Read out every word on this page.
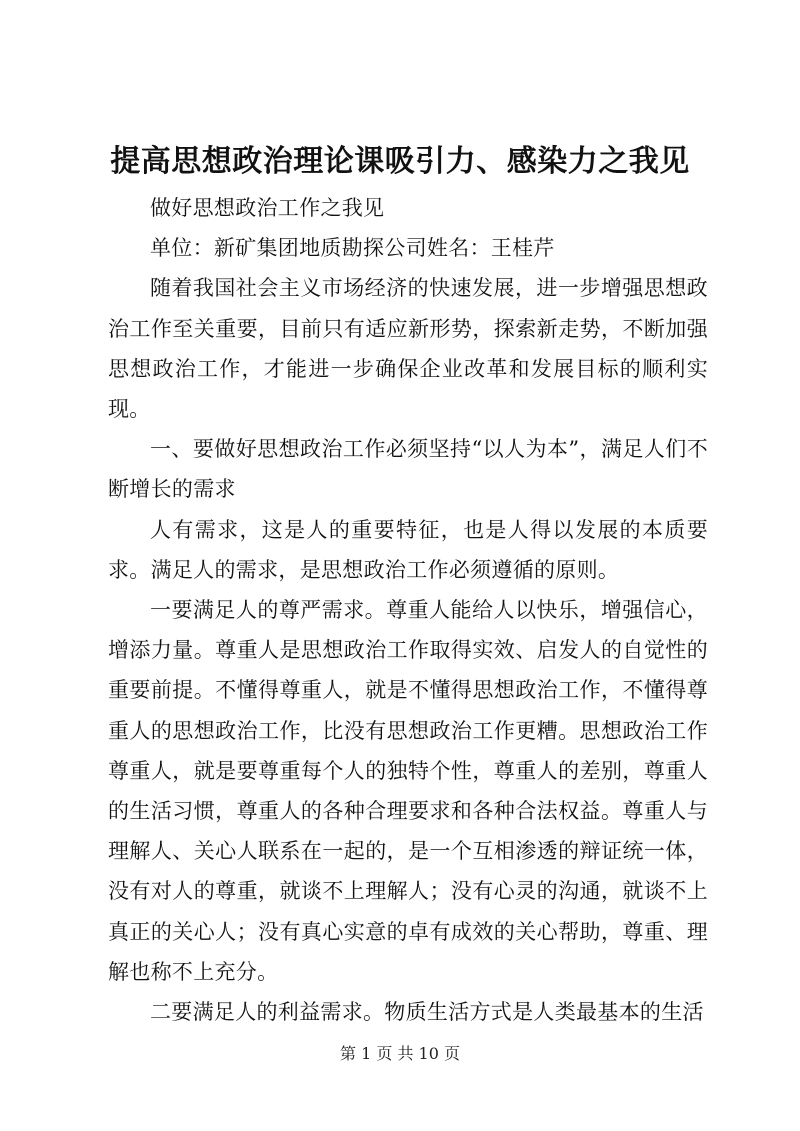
提高思想政治理论课吸引力、感染力之我见

做好思想政治工作之我见

单位：新矿集团地质勘探公司姓名：王桂芹

随着我国社会主义市场经济的快速发展，进一步增强思想政治工作至关重要，目前只有适应新形势，探索新走势，不断加强思想政治工作，才能进一步确保企业改革和发展目标的顺利实现。

一、要做好思想政治工作必须坚持“以人为本”，满足人们不断增长的需求

人有需求，这是人的重要特征，也是人得以发展的本质要求。满足人的需求，是思想政治工作必须遵循的原则。

一要满足人的尊严需求。尊重人能给人以快乐，增强信心，增添力量。尊重人是思想政治工作取得实效、启发人的自觉性的重要前提。不懂得尊重人，就是不懂得思想政治工作，不懂得尊重人的思想政治工作，比没有思想政治工作更糟。思想政治工作尊重人，就是要尊重每个人的独特个性，尊重人的差别，尊重人的生活习惯，尊重人的各种合理要求和各种合法权益。尊重人与理解人、关心人联系在一起的，是一个互相渗透的辩证统一体，没有对人的尊重，就谈不上理解人；没有心灵的沟通，就谈不上真正的关心人；没有真心实意的卓有成效的关心帮助，尊重、理解也称不上充分。

二要满足人的利益需求。物质生活方式是人类最基本的生活

第 1 页 共 10 页
